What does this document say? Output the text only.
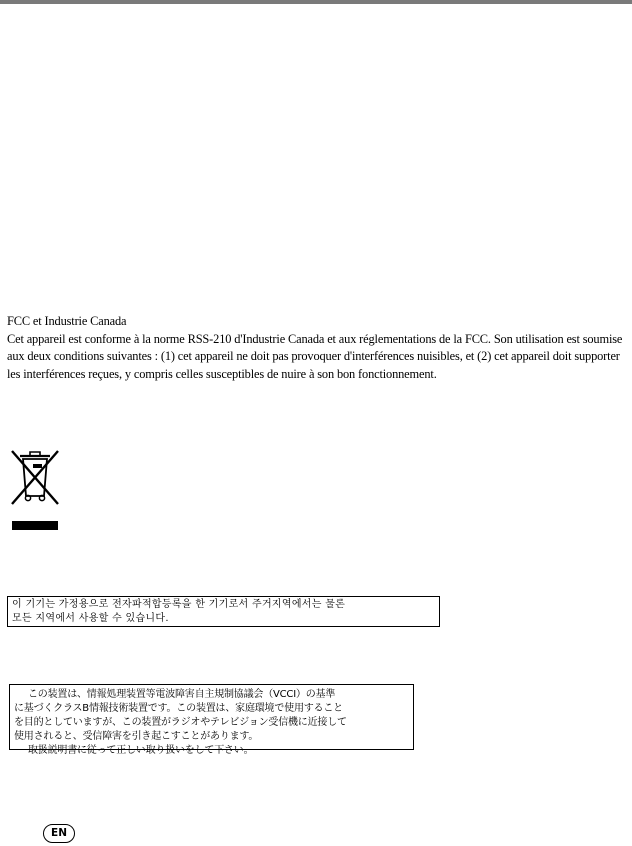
FCC et Industrie Canada

Cet appareil est conforme à la norme RSS-210 d'Industrie Canada et aux réglementations de la FCC. Son utilisation est soumise aux deux conditions suivantes : (1) cet appareil ne doit pas provoquer d'interférences nuisibles, et (2) cet appareil doit supporter les interférences reçues, y compris celles susceptibles de nuire à son bon fonctionnement.

이 기기는 가정용으로 전자파적합등록을 한 기기로서 주거지역에서는 물론
모든 지역에서 사용할 수 있습니다.
この装置は、情報処理装置等電波障害自主規制協議会（VCCI）の基準
に基づくクラスB情報技術装置です。この装置は、家庭環境で使用すること
を目的としていますが、この装置がラジオやテレビジョン受信機に近接して
使用されると、受信障害を引き起こすことがあります。
取扱説明書に従って正しい取り扱いをして下さい。
EN
